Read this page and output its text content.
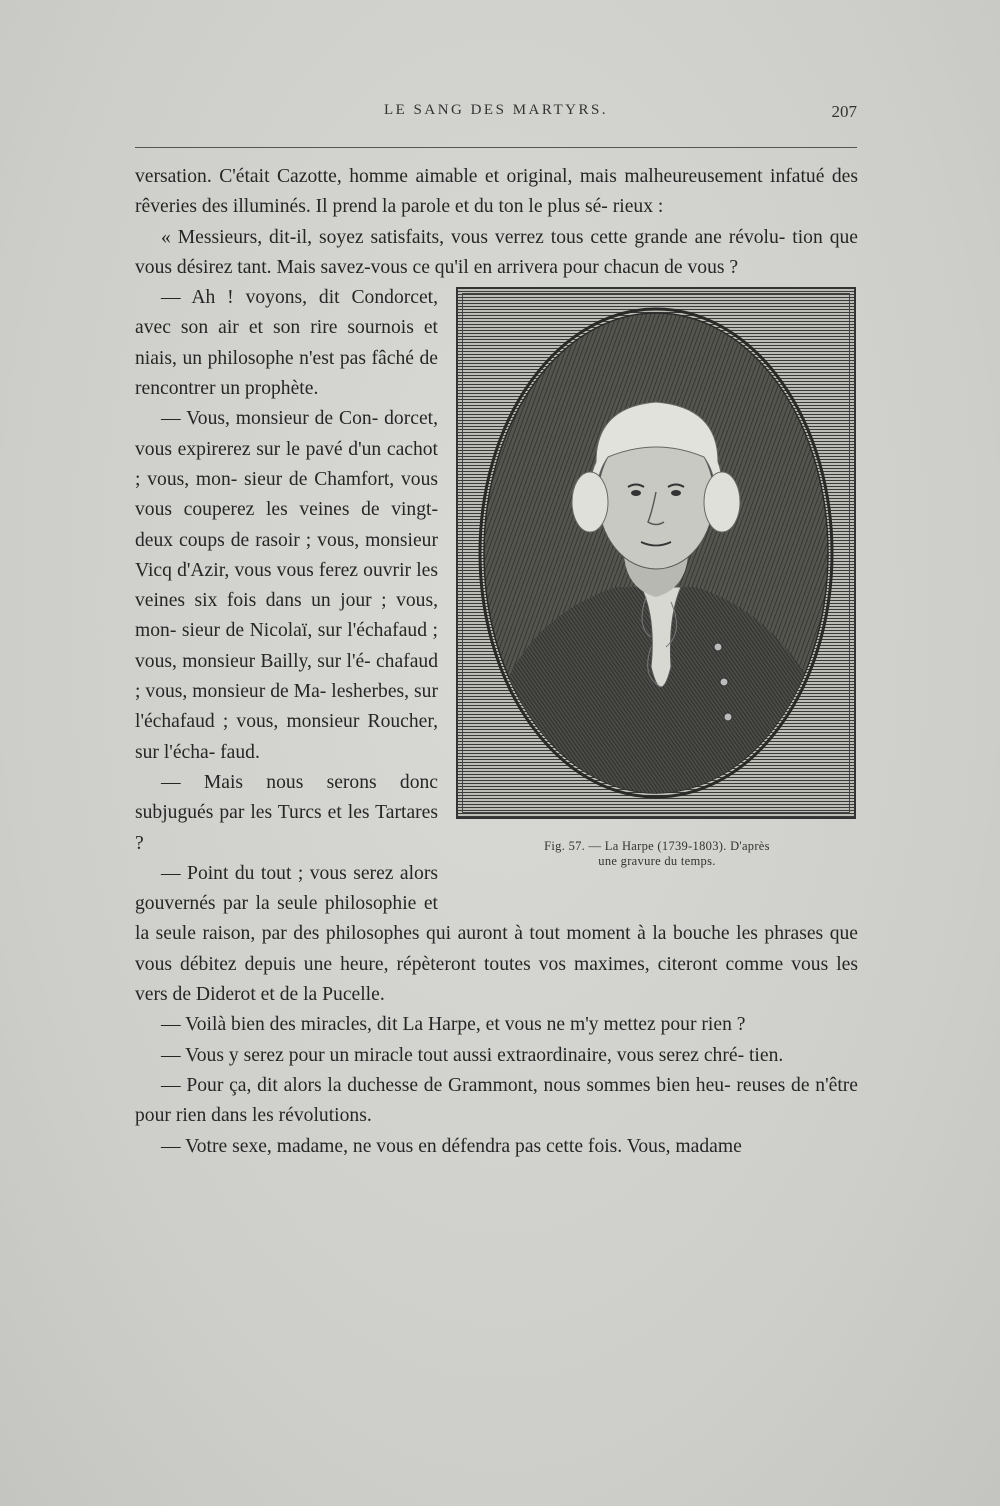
LE SANG DES MARTYRS.	207

versation. C'était Cazotte, homme aimable et original, mais malheureusement infatué des rêveries des illuminés. Il prend la parole et du ton le plus sé- rieux :

« Messieurs, dit-il, soyez satisfaits, vous verrez tous cette grande ane révolu- tion que vous désirez tant. Mais savez-vous ce qu'il en arrivera pour chacun de vous ?

Fig. 57. — La Harpe (1739-1803). D'après
une gravure du temps.

— Ah ! voyons, dit Condorcet, avec son air et son rire sournois et niais, un philosophe n'est pas fâché de rencontrer un prophète.

— Vous, monsieur de Con- dorcet, vous expirerez sur le pavé d'un cachot ; vous, mon- sieur de Chamfort, vous vous couperez les veines de vingt- deux coups de rasoir ; vous, monsieur Vicq d'Azir, vous vous ferez ouvrir les veines six fois dans un jour ; vous, mon- sieur de Nicolaï, sur l'échafaud ; vous, monsieur Bailly, sur l'é- chafaud ; vous, monsieur de Ma- lesherbes, sur l'échafaud ; vous, monsieur Roucher, sur l'écha- faud.

— Mais nous serons donc subjugués par les Turcs et les Tartares ?

— Point du tout ; vous serez alors gouvernés par la seule philosophie et la seule raison, par des philosophes qui auront à tout moment à la bouche les phrases que vous débitez depuis une heure, répèteront toutes vos maximes, citeront comme vous les vers de Diderot et de la Pucelle.

— Voilà bien des miracles, dit La Harpe, et vous ne m'y mettez pour rien ?

— Vous y serez pour un miracle tout aussi extraordinaire, vous serez chré- tien.

— Pour ça, dit alors la duchesse de Grammont, nous sommes bien heu- reuses de n'être pour rien dans les révolutions.

— Votre sexe, madame, ne vous en défendra pas cette fois. Vous, madame
